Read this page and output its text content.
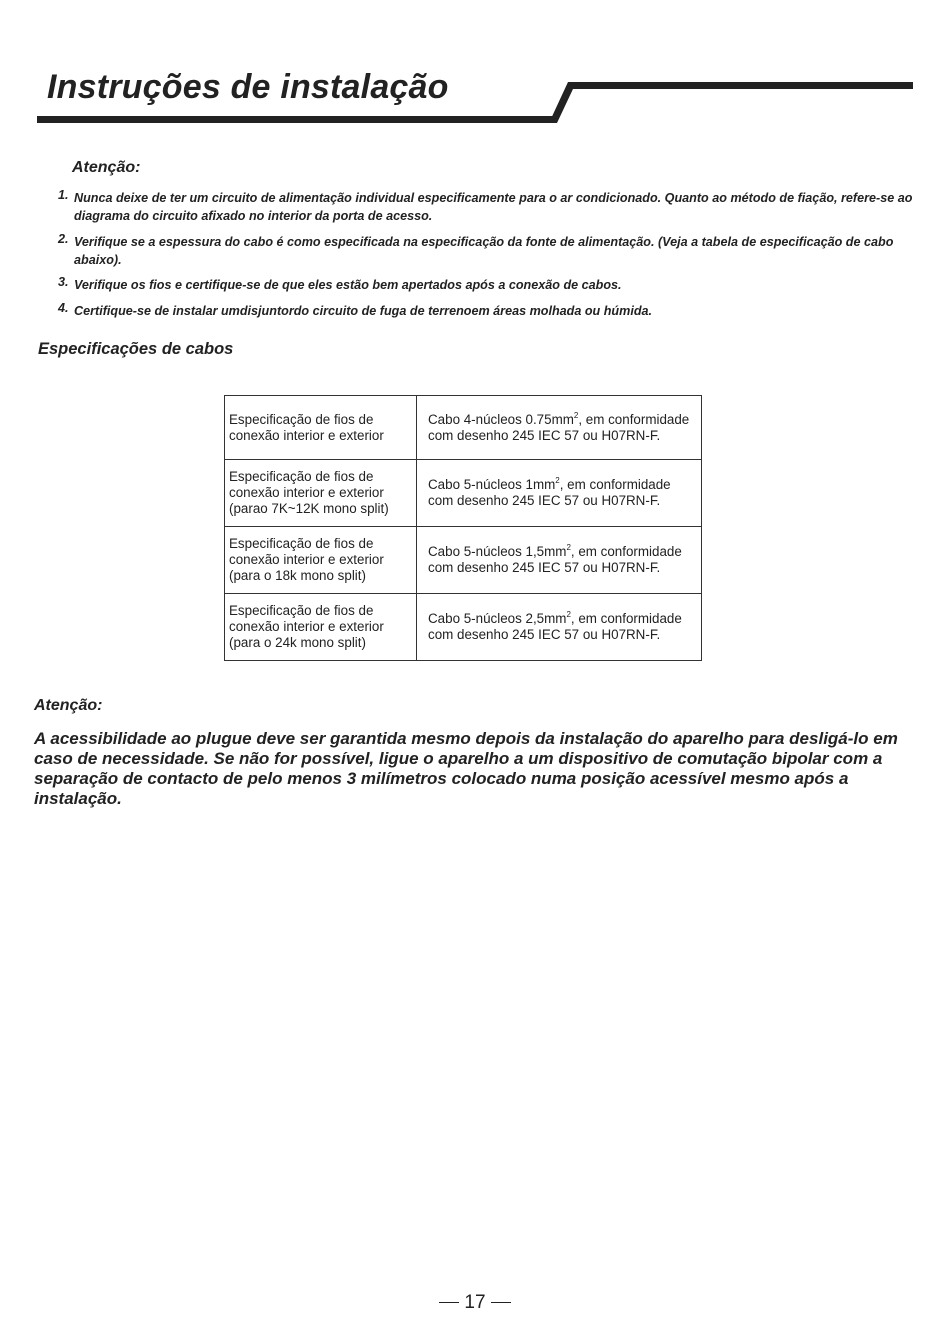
Instruções de instalação
Atenção:
1. Nunca deixe de ter um circuito de alimentação individual especificamente para o ar condicionado. Quanto ao método de fiação, refere-se ao diagrama do circuito afixado no interior da porta de acesso.
2. Verifique se a espessura do cabo é como especificada na especificação da fonte de alimentação. (Veja a tabela de especificação de cabo abaixo).
3. Verifique os fios e certifique-se de que eles estão bem apertados após a conexão de cabos.
4. Certifique-se de instalar umdisjuntordo circuito de fuga de terrenoem áreas molhada ou húmida.
Especificações de cabos
Especificação de fios de conexão interior e exterior	Cabo 4-núcleos $0.75mm^2$, em conformidade com desenho 245 IEC 57 ou H07RN-F.
Especificação de fios de conexão interior e exterior (parao 7K~12K mono split)	Cabo 5-núcleos $1mm^2$, em conformidade com desenho 245 IEC 57 ou H07RN-F.
Especificação de fios de conexão interior e exterior (para o 18k mono split)	Cabo 5-núcleos $1,5mm^2$, em conformidade com desenho 245 IEC 57 ou H07RN-F.
Especificação de fios de conexão interior e exterior (para o 24k mono split)	Cabo 5-núcleos $2,5mm^2$, em conformidade com desenho 245 IEC 57 ou H07RN-F.
Atenção:

A acessibilidade ao plugue deve ser garantida mesmo depois da instalação do aparelho para desligá-lo em caso de necessidade. Se não for possível, ligue o aparelho a um dispositivo de comutação bipolar com a separação de contacto de pelo menos 3 milímetros colocado numa posição acessível mesmo após a instalação.

17
